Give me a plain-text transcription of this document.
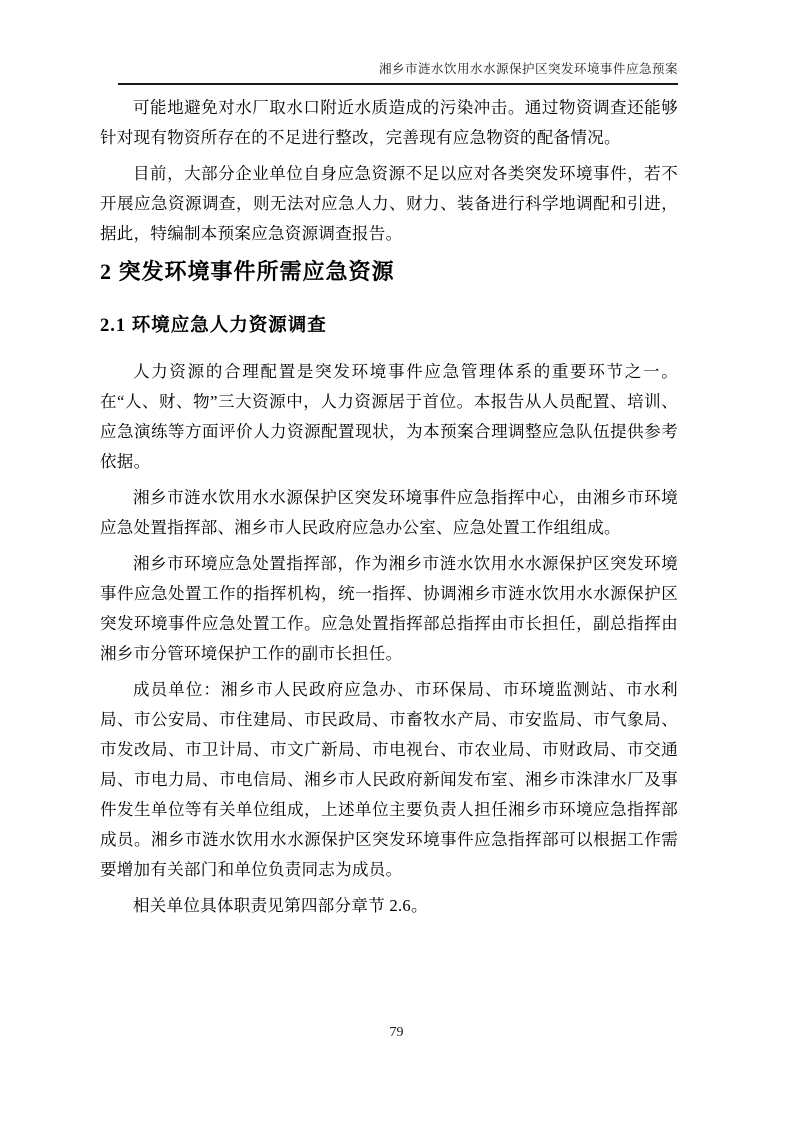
湘乡市涟水饮用水水源保护区突发环境事件应急预案

可能地避免对水厂取水口附近水质造成的污染冲击。通过物资调查还能够针对现有物资所存在的不足进行整改，完善现有应急物资的配备情况。

目前，大部分企业单位自身应急资源不足以应对各类突发环境事件，若不开展应急资源调查，则无法对应急人力、财力、装备进行科学地调配和引进，据此，特编制本预案应急资源调查报告。

2 突发环境事件所需应急资源
2.1 环境应急人力资源调查

人力资源的合理配置是突发环境事件应急管理体系的重要环节之一。在“人、财、物”三大资源中，人力资源居于首位。本报告从人员配置、培训、应急演练等方面评价人力资源配置现状，为本预案合理调整应急队伍提供参考依据。

湘乡市涟水饮用水水源保护区突发环境事件应急指挥中心，由湘乡市环境应急处置指挥部、湘乡市人民政府应急办公室、应急处置工作组组成。

湘乡市环境应急处置指挥部，作为湘乡市涟水饮用水水源保护区突发环境事件应急处置工作的指挥机构，统一指挥、协调湘乡市涟水饮用水水源保护区突发环境事件应急处置工作。应急处置指挥部总指挥由市长担任，副总指挥由湘乡市分管环境保护工作的副市长担任。

成员单位：湘乡市人民政府应急办、市环保局、市环境监测站、市水利局、市公安局、市住建局、市民政局、市畜牧水产局、市安监局、市气象局、市发改局、市卫计局、市文广新局、市电视台、市农业局、市财政局、市交通局、市电力局、市电信局、湘乡市人民政府新闻发布室、湘乡市洙津水厂及事件发生单位等有关单位组成，上述单位主要负责人担任湘乡市环境应急指挥部成员。湘乡市涟水饮用水水源保护区突发环境事件应急指挥部可以根据工作需要增加有关部门和单位负责同志为成员。

相关单位具体职责见第四部分章节 2.6。

79
